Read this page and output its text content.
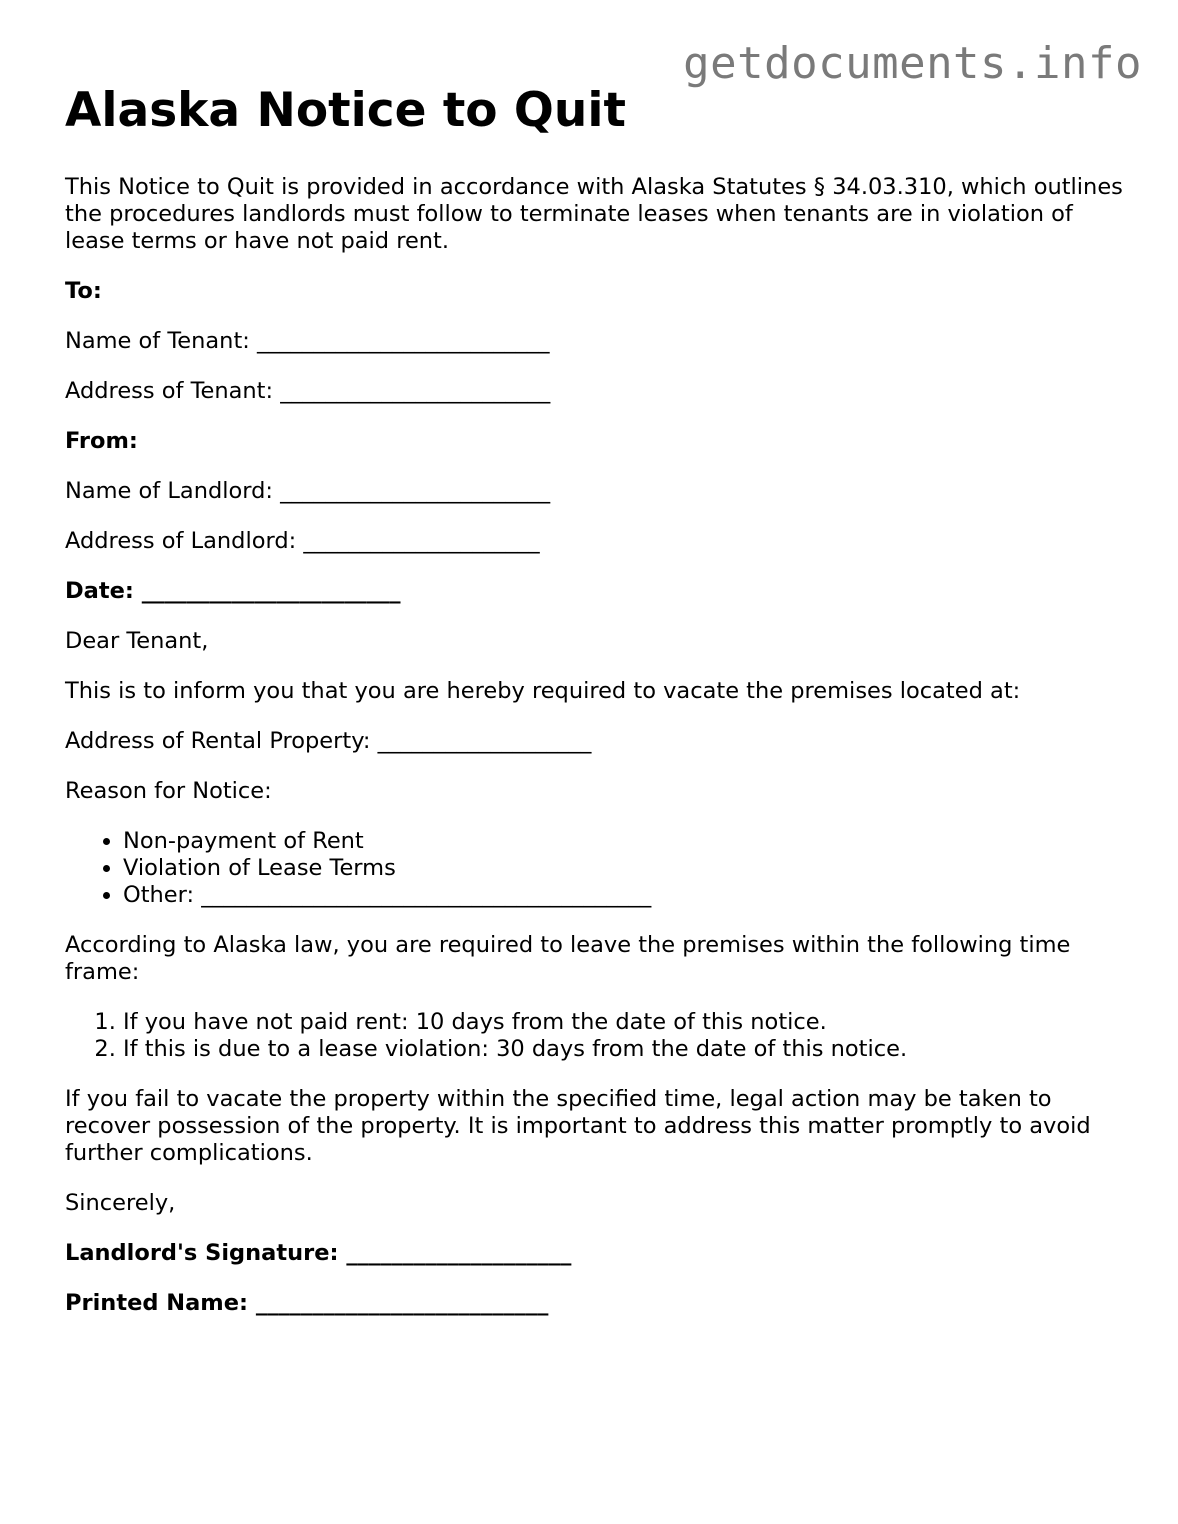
getdocuments.info
Alaska Notice to Quit

This Notice to Quit is provided in accordance with Alaska Statutes § 34.03.310, which outlines the procedures landlords must follow to terminate leases when tenants are in violation of lease terms or have not paid rent.

To:

Name of Tenant: __________________________

Address of Tenant: ________________________

From:

Name of Landlord: ________________________

Address of Landlord: _____________________

Date: _______________________

Dear Tenant,

This is to inform you that you are hereby required to vacate the premises located at:

Address of Rental Property: ___________________

Reason for Notice:

• Non-payment of Rent
• Violation of Lease Terms
• Other: ________________________________________

According to Alaska law, you are required to leave the premises within the following time frame:

1. If you have not paid rent: 10 days from the date of this notice.
2. If this is due to a lease violation: 30 days from the date of this notice.

If you fail to vacate the property within the specified time, legal action may be taken to recover possession of the property. It is important to address this matter promptly to avoid further complications.

Sincerely,

Landlord's Signature: ____________________

Printed Name: __________________________
